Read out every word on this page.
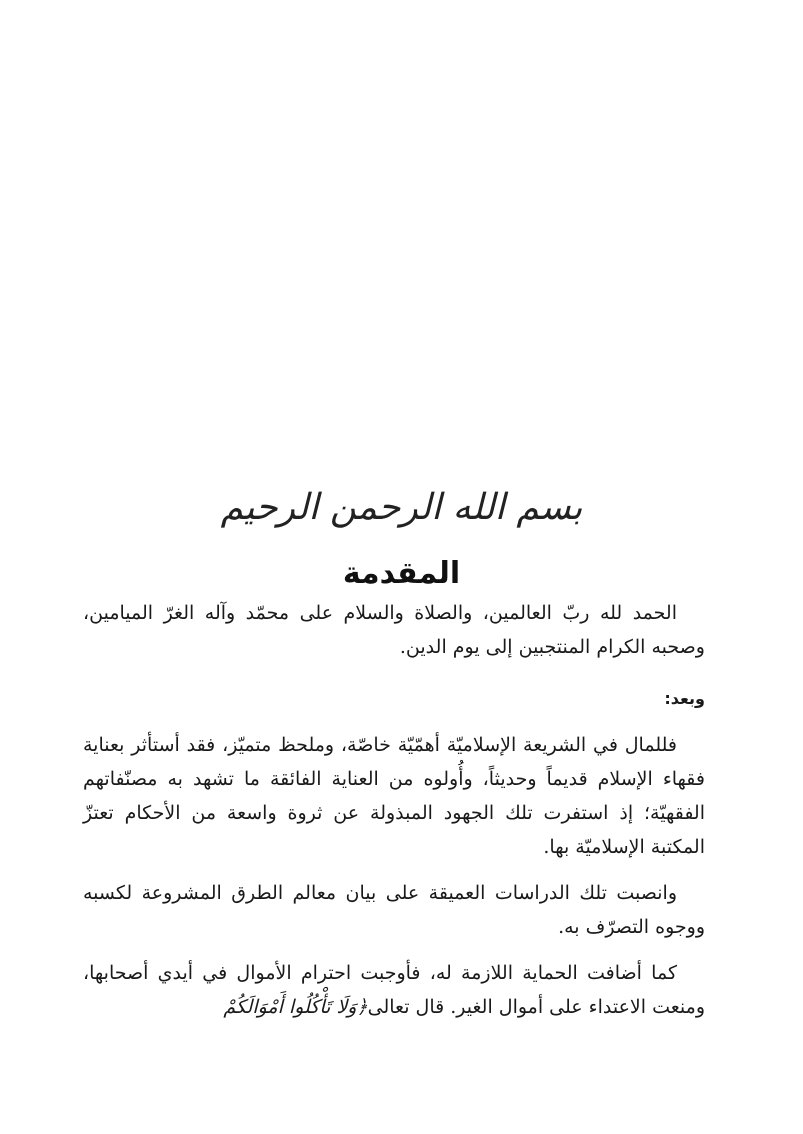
بسم الله الرحمن الرحيم
المقدمة

الحمد لله ربّ العالمين، والصلاة والسلام على محمّد وآله الغرّ الميامين، وصحبه الكرام المنتجبين إلى يوم الدين.

وبعد:

فللمال في الشريعة الإسلاميّة أهمّيّة خاصّة، وملحظ متميّز، فقد أستأثر بعناية فقهاء الإسلام قديماً وحديثاً، وأُولوه من العناية الفائقة ما تشهد به مصنّفاتهم الفقهيّة؛ إذ استفرت تلك الجهود المبذولة عن ثروة واسعة من الأحكام تعتزّ المكتبة الإسلاميّة بها.

وانصبت تلك الدراسات العميقة على بيان معالم الطرق المشروعة لكسبه ووجوه التصرّف به.

كما أضافت الحماية اللازمة له، فأوجبت احترام الأموال في أيدي أصحابها، ومنعت الاعتداء على أموال الغير. قال تعالى﴿وَلَا تَأْكُلُوا أَمْوَالَكُمْ
